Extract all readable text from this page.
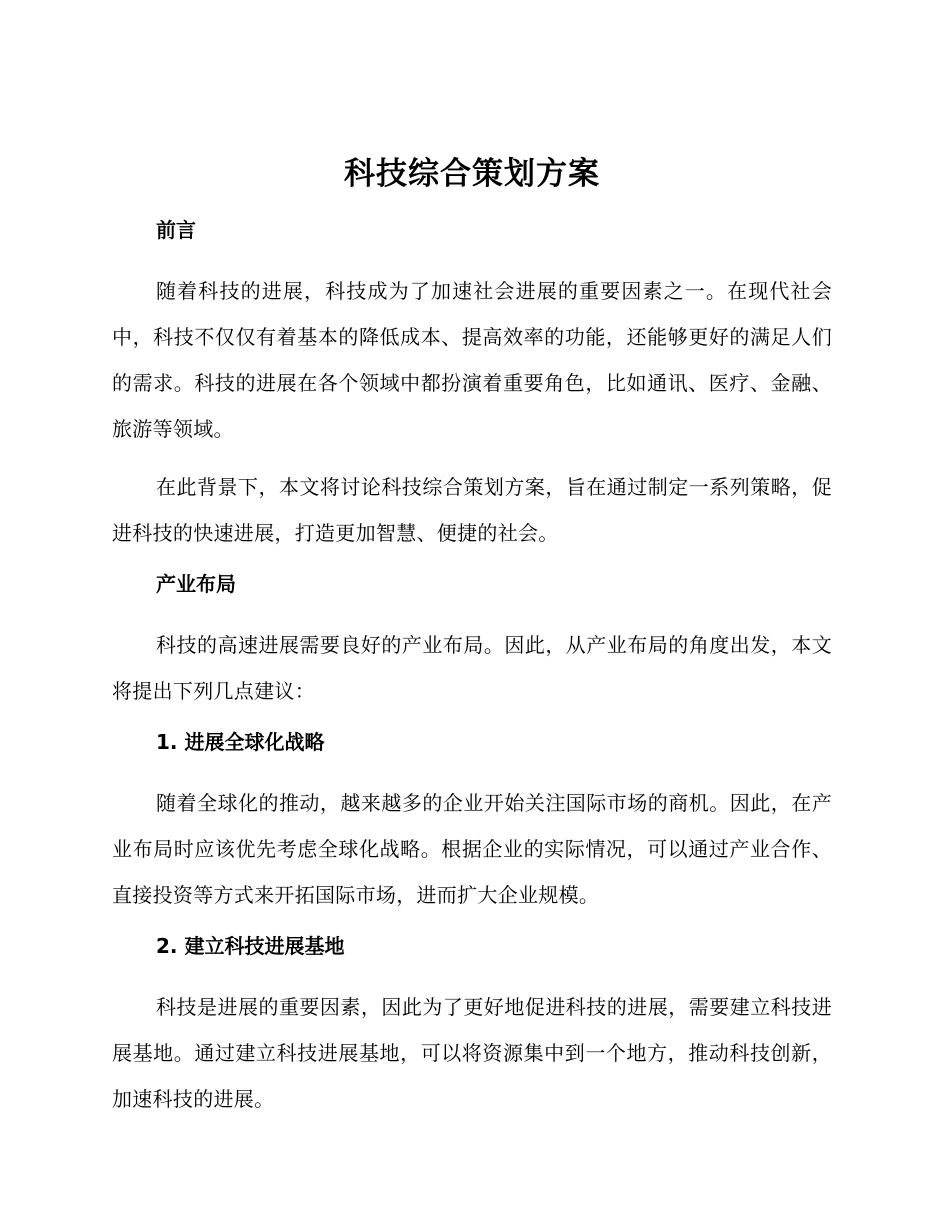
科技综合策划方案
前言

随着科技的进展，科技成为了加速社会进展的重要因素之一。在现代社会中，科技不仅仅有着基本的降低成本、提高效率的功能，还能够更好的满足人们的需求。科技的进展在各个领域中都扮演着重要角色，比如通讯、医疗、金融、旅游等领域。

在此背景下，本文将讨论科技综合策划方案，旨在通过制定一系列策略，促进科技的快速进展，打造更加智慧、便捷的社会。

产业布局

科技的高速进展需要良好的产业布局。因此，从产业布局的角度出发，本文将提出下列几点建议：

1. 进展全球化战略

随着全球化的推动，越来越多的企业开始关注国际市场的商机。因此，在产业布局时应该优先考虑全球化战略。根据企业的实际情况，可以通过产业合作、直接投资等方式来开拓国际市场，进而扩大企业规模。

2. 建立科技进展基地

科技是进展的重要因素，因此为了更好地促进科技的进展，需要建立科技进展基地。通过建立科技进展基地，可以将资源集中到一个地方，推动科技创新，加速科技的进展。
